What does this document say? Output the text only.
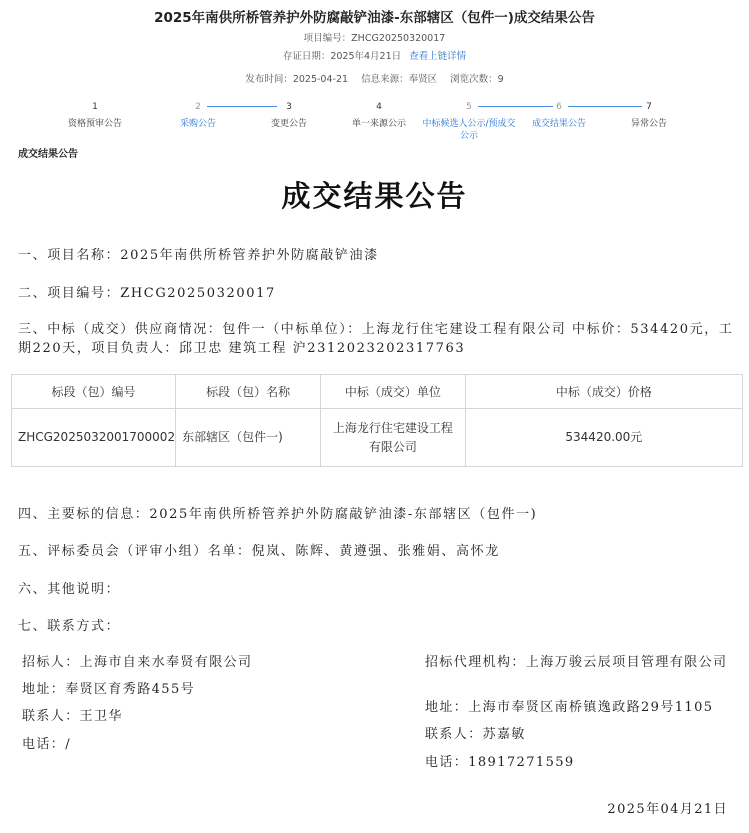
2025年南供所桥管养护外防腐敲铲油漆-东部辖区（包件一)成交结果公告
项目编号：ZHCG20250320017
存证日期：2025年4月21日 查看上链详情
发布时间：2025-04-21 信息来源：奉贤区 浏览次数：9
1
资格预审公告
2
采购公告
3
变更公告
4
单一来源公示
5
中标候选人公示/预成交
公示
6
成交结果公告
7
异常公告
成交结果公告
成交结果公告
一、项目名称：2025年南供所桥管养护外防腐敲铲油漆
二、项目编号：ZHCG20250320017
三、中标（成交）供应商情况：包件一（中标单位）：上海龙行住宅建设工程有限公司 中标价：534420元，工期220天，项目负责人：邱卫忠 建筑工程 沪2312023202317763
标段（包）编号	标段（包）名称	中标（成交）单位	中标（成交）价格
ZHCG2025032001700002	东部辖区（包件一)	上海龙行住宅建设工程
有限公司	534420.00元
四、主要标的信息：2025年南供所桥管养护外防腐敲铲油漆-东部辖区（包件一)
五、评标委员会（评审小组）名单：倪岚、陈辉、黄遵强、张雅娟、高怀龙
六、其他说明：
七、联系方式：
招标人：上海市自来水奉贤有限公司
地址：奉贤区育秀路455号
联系人：王卫华
电话：/
招标代理机构：上海万骏云辰项目管理有限公司
地址：上海市奉贤区南桥镇逸政路29号1105
联系人：苏嘉敏
电话：18917271559
2025年04月21日
